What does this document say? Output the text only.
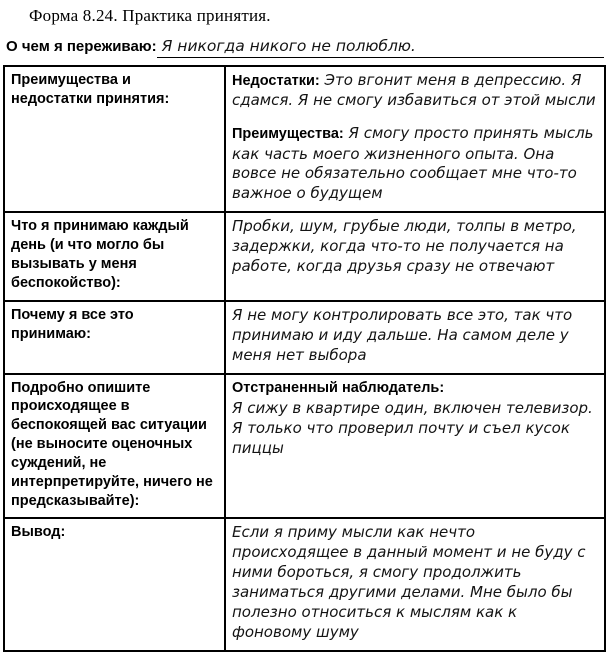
Форма 8.24. Практика принятия.
О чем я переживаю: Я никогда никого не полюблю.
Преимущества и недостатки принятия:	Недостатки: Это вгонит меня в депрессию. Я сдамся. Я не смогу избавиться от этой мысли

Преимущества: Я смогу просто принять мысль как часть моего жизненного опыта. Она вовсе не обязательно сообщает мне что-то важное о будущем

Что я принимаю каждый день (и что могло бы вызывать у меня беспокойство):	Пробки, шум, грубые люди, толпы в метро, задержки, когда что-то не получается на работе, когда друзья сразу не отвечают

Почему я все это принимаю:	Я не могу контролировать все это, так что принимаю и иду дальше. На самом деле у меня нет выбора

Подробно опишите происходящее в беспокоящей вас ситуации (не выносите оценочных суждений, не интерпретируйте, ничего не предсказывайте):	Отстраненный наблюдатель:
Я сижу в квартире один, включен телевизор. Я только что проверил почту и съел кусок пиццы

Вывод:	Если я приму мысли как нечто происходящее в данный момент и не буду с ними бороться, я смогу продолжить заниматься другими делами. Мне было бы полезно относиться к мыслям как к фоновому шуму
